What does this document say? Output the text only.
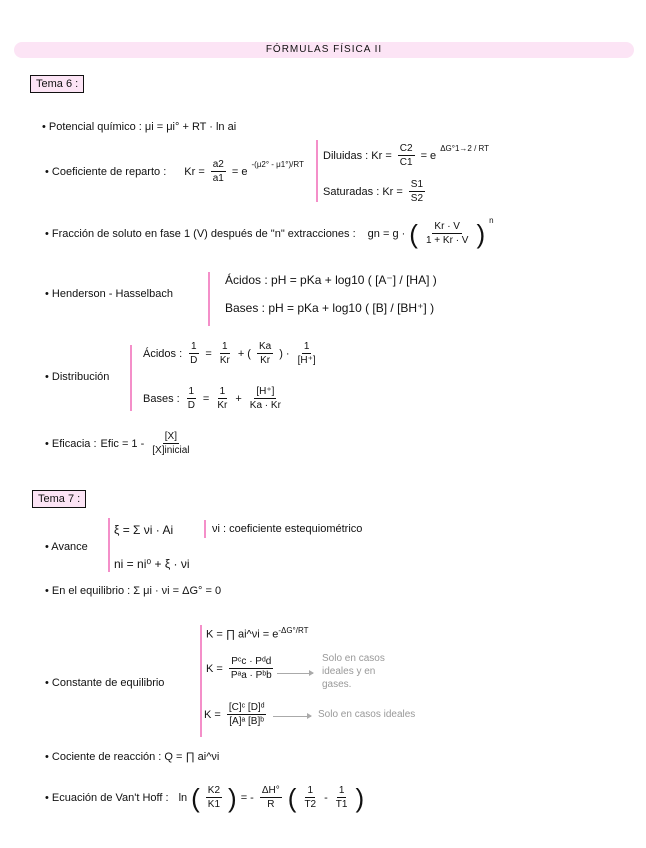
FÓRMULAS FÍSICA II
Tema 6 :
• Potencial químico : μi = μi° + RT · ln ai
• Coeficiente de reparto : $Kr = \frac{a2}{a1} = e$
$^{-(\mu 2^\circ - \mu 1^\circ)/RT}$
Diluidas : $Kr = \frac{C2}{C1} = e$
$^{\Delta G^\circ 1\to 2 / RT}$
Saturadas : $Kr = \frac{S1}{S2}$
• Fracción de soluto en fase 1 (V) después de "n" extracciones : gn = g · ( $\frac{Kr \cdot V}{1 + Kr \cdot V}$ ) $^n$
• Henderson - Hasselbach
Ácidos : pH = pKa + log10 ( [A⁻] / [HA] )
Bases : pH = pKa + log10 ( [B] / [BH⁺] )
• Distribución
Ácidos : $\frac{1}{D} = \frac{1}{Kr}$ + ( $\frac{Ka}{Kr}$ ) · $\frac{1}{[H^+]}$
Bases : $\frac{1}{D} = \frac{1}{Kr} + \frac{[H^+]}{Ka \cdot Kr}$
• Eficacia : Efic = $1 - \frac{[X]}{\text{[X]inicial}}$
Tema 7 :
• Avance
ξ = Σ νi · Ai	νi : coeficiente estequiométrico
ni = ni⁰ + ξ · νi
• En el equilibrio : Σ μi · νi = ΔG° = 0
• Constante de equilibrio
K = ∏ ai^νi = $e^{-\Delta G^\circ/RT}$
$K = \frac{\text{Pᶜc · Pᵈd}}{\text{Pᵃa · Pᵇb}}$	Solo en casos ideales y en gases.
$K = \frac{\text{[C]ᶜ [D]ᵈ}}{\text{[A]ᵃ [B]ᵇ}}$	Solo en casos ideales
• Cociente de reacción : Q = ∏ ai^νi
• Ecuación de Van't Hoff : ln ( $\frac{K2}{K1}$ ) = - $\frac{\Delta H^\circ}{R}$ ( $\frac{1}{T2} - \frac{1}{T1}$ )
